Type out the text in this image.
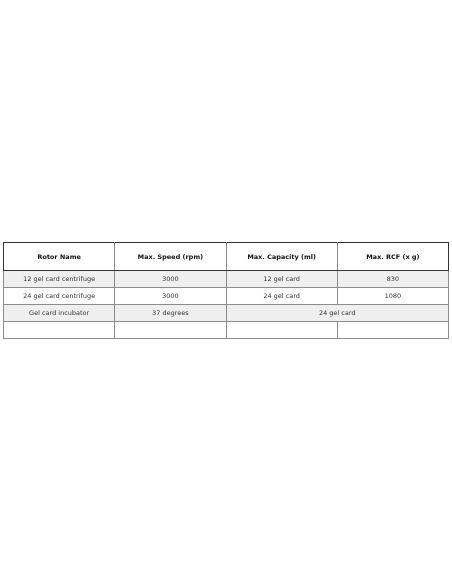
Rotor Name	Max. Speed (rpm)	Max. Capacity (ml)	Max. RCF (x g)
12 gel card centrifuge	3000	12 gel card	830
24 gel card centrifuge	3000	24 gel card	1080
Gel card incubator	37 degrees	24 gel card	
